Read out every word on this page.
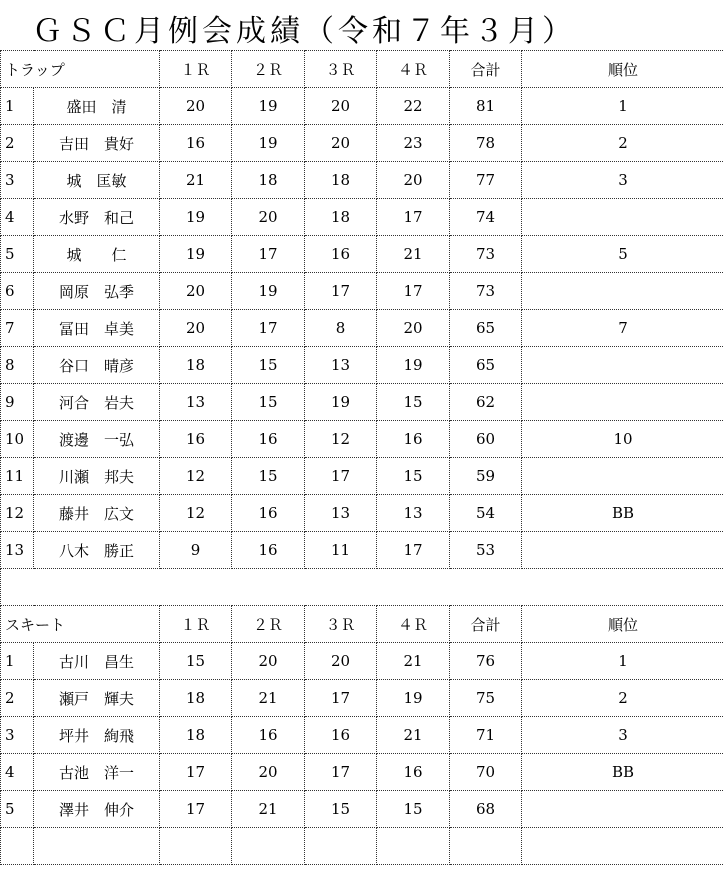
ＧＳＣ月例会成績（令和７年３月）
トラップ		１Ｒ	２Ｒ	３Ｒ	４Ｒ	合計	順位
1	盛田　清	20	19	20	22	81	1
2	吉田　貴好	16	19	20	23	78	2
3	城　匡敏	21	18	18	20	77	3
4	水野　和己	19	20	18	17	74	
5	城　　仁	19	17	16	21	73	5
6	岡原　弘季	20	19	17	17	73	
7	冨田　卓美	20	17	8	20	65	7
8	谷口　晴彦	18	15	13	19	65	
9	河合　岩夫	13	15	19	15	62	
10	渡邊　一弘	16	16	12	16	60	10
11	川瀬　邦夫	12	15	17	15	59	
12	藤井　広文	12	16	13	13	54	BB
13	八木　勝正	9	16	11	17	53	

スキート		１Ｒ	２Ｒ	３Ｒ	４Ｒ	合計	順位
1	古川　昌生	15	20	20	21	76	1
2	瀬戸　輝夫	18	21	17	19	75	2
3	坪井　絢飛	18	16	16	21	71	3
4	古池　洋一	17	20	17	16	70	BB
5	澤井　伸介	17	21	15	15	68	
